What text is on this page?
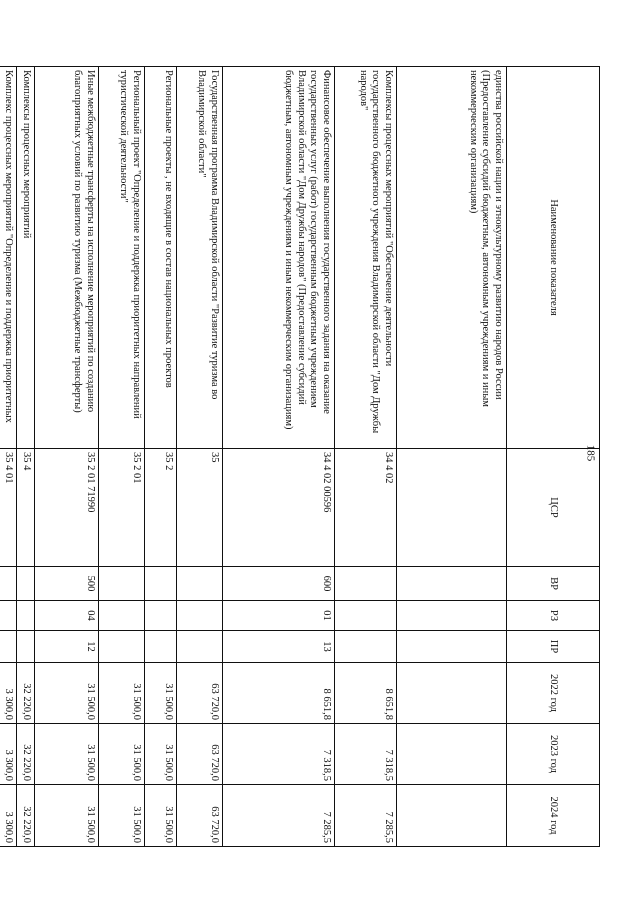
185
Наименование показателя	ЦСР	ВР	РЗ	ПР	2022 год	2023 год	2024 год
единства российской нации и этнокультурному развитию народов России (Предоставление субсидий бюджетным, автономным учреждениям и иным некоммерческим организациям)							
Комплексы процессных мероприятий "Обеспечение деятельности государственного бюджетного учреждения Владимирской области "Дом Дружбы народов"	34 4 02				8 651,8	7 318,5	7 285,5
Финансовое обеспечение выполнения государственного задания на оказание государственных услуг (работ) государственным бюджетным учреждением Владимирской области "Дом Дружбы народов" (Предоставление субсидий бюджетным, автономным учреждениям и иным некоммерческим организациям)	34 4 02 00596	600	01	13	8 651,8	7 318,5	7 285,5
Государственная программа Владимирской области "Развитие туризма во Владимирской области"	35				63 720,0	63 720,0	63 720,0
Региональные проекты , не входящие в состав национальных проектов	35 2				31 500,0	31 500,0	31 500,0
Региональный проект "Определение и поддержка приоритетных направлений туристической деятельности"	35 2 01				31 500,0	31 500,0	31 500,0
Иные межбюджетные трансферты на исполнение мероприятий по созданию благоприятных условий по развитию туризма (Межбюджетные трансферты)	35 2 01 71990	500	04	12	31 500,0	31 500,0	31 500,0
Комплексы процессных мероприятий	35 4				32 220,0	32 220,0	32 220,0
Комплекс процессных мероприятий "Определение и поддержка приоритетных	35 4 01				3 300,0	3 300,0	3 300,0
